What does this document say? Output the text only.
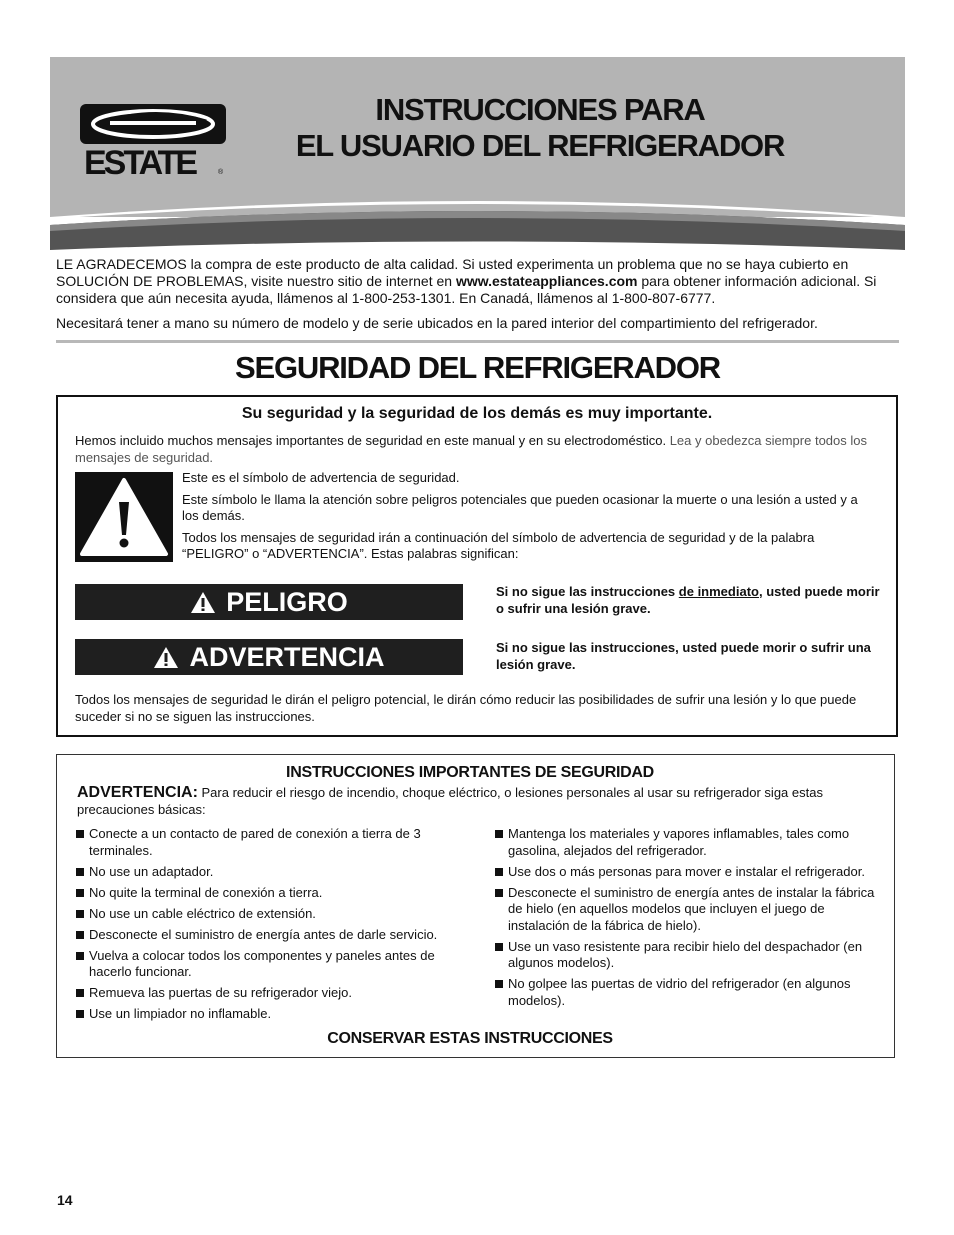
ESTATE	®
INSTRUCCIONES PARA
EL USUARIO DEL REFRIGERADOR

LE AGRADECEMOS la compra de este producto de alta calidad. Si usted experimenta un problema que no se haya cubierto en SOLUCIÓN DE PROBLEMAS, visite nuestro sitio de internet en www.estateappliances.com para obtener información adicional. Si considera que aún necesita ayuda, llámenos al 1-800-253-1301. En Canadá, llámenos al 1-800-807-6777.

Necesitará tener a mano su número de modelo y de serie ubicados en la pared interior del compartimiento del refrigerador.

SEGURIDAD DEL REFRIGERADOR
Su seguridad y la seguridad de los demás es muy importante.
Hemos incluido muchos mensajes importantes de seguridad en este manual y en su electrodoméstico. Lea y obedezca siempre todos los mensajes de seguridad.

Este es el símbolo de advertencia de seguridad.

Este símbolo le llama la atención sobre peligros potenciales que pueden ocasionar la muerte o una lesión a usted y a los demás.

Todos los mensajes de seguridad irán a continuación del símbolo de advertencia de seguridad y de la palabra “PELIGRO” o “ADVERTENCIA”. Estas palabras significan:

PELIGRO	Si no sigue las instrucciones de inmediato, usted puede morir o sufrir una lesión grave.
ADVERTENCIA	Si no sigue las instrucciones, usted puede morir o sufrir una lesión grave.
Todos los mensajes de seguridad le dirán el peligro potencial, le dirán cómo reducir las posibilidades de sufrir una lesión y lo que puede suceder si no se siguen las instrucciones.
INSTRUCCIONES IMPORTANTES DE SEGURIDAD
ADVERTENCIA: Para reducir el riesgo de incendio, choque eléctrico, o lesiones personales al usar su refrigerador siga estas precauciones básicas:
Conecte a un contacto de pared de conexión a tierra de 3 terminales.
No use un adaptador.
No quite la terminal de conexión a tierra.
No use un cable eléctrico de extensión.
Desconecte el suministro de energía antes de darle servicio.
Vuelva a colocar todos los componentes y paneles antes de hacerlo funcionar.
Remueva las puertas de su refrigerador viejo.
Use un limpiador no inflamable.
Mantenga los materiales y vapores inflamables, tales como gasolina, alejados del refrigerador.
Use dos o más personas para mover e instalar el refrigerador.
Desconecte el suministro de energía antes de instalar la fábrica de hielo (en aquellos modelos que incluyen el juego de instalación de la fábrica de hielo).
Use un vaso resistente para recibir hielo del despachador (en algunos modelos).
No golpee las puertas de vidrio del refrigerador (en algunos modelos).
CONSERVAR ESTAS INSTRUCCIONES
14
